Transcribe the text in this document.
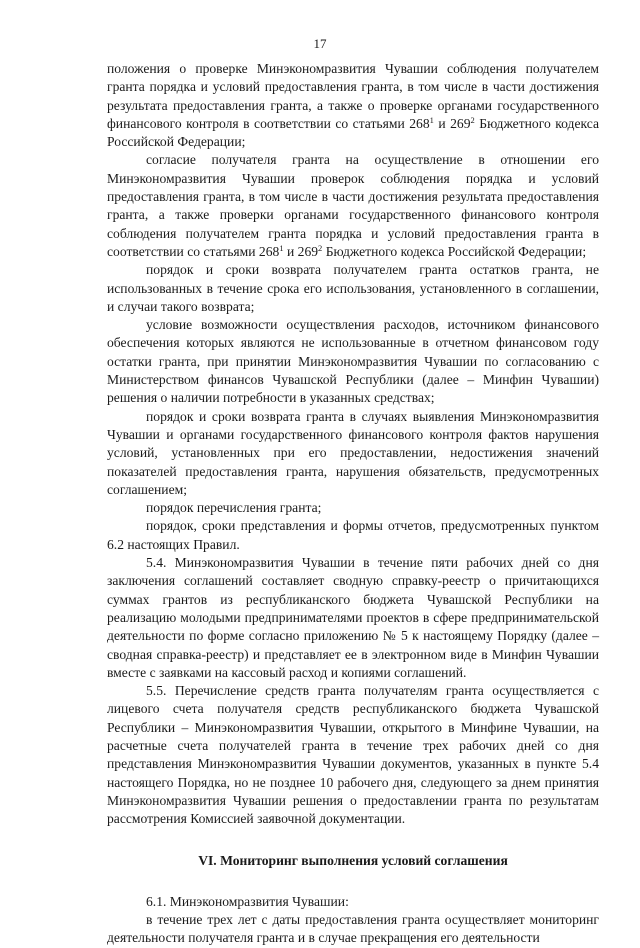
17

положения о проверке Минэкономразвития Чувашии соблюдения получателем гранта порядка и условий предоставления гранта, в том числе в части достижения результата предоставления гранта, а также о проверке органами государственного финансового контроля в соответствии со статьями $268^1$ и $269^2$ Бюджетного кодекса Российской Федерации;

согласие получателя гранта на осуществление в отношении его Минэкономразвития Чувашии проверок соблюдения порядка и условий предоставления гранта, в том числе в части достижения результата предоставления гранта, а также проверки органами государственного финансового контроля соблюдения получателем гранта порядка и условий предоставления гранта в соответствии со статьями $268^1$ и $269^2$ Бюджетного кодекса Российской Федерации;

порядок и сроки возврата получателем гранта остатков гранта, не использованных в течение срока его использования, установленного в соглашении, и случаи такого возврата;

условие возможности осуществления расходов, источником финансового обеспечения которых являются не использованные в отчетном финансовом году остатки гранта, при принятии Минэкономразвития Чувашии по согласованию с Министерством финансов Чувашской Республики (далее – Минфин Чувашии) решения о наличии потребности в указанных средствах;

порядок и сроки возврата гранта в случаях выявления Минэкономразвития Чувашии и органами государственного финансового контроля фактов нарушения условий, установленных при его предоставлении, недостижения значений показателей предоставления гранта, нарушения обязательств, предусмотренных соглашением;

порядок перечисления гранта;

порядок, сроки представления и формы отчетов, предусмотренных пунктом 6.2 настоящих Правил.

5.4. Минэкономразвития Чувашии в течение пяти рабочих дней со дня заключения соглашений составляет сводную справку-реестр о причитающихся суммах грантов из республиканского бюджета Чувашской Республики на реализацию молодыми предпринимателями проектов в сфере предпринимательской деятельности по форме согласно приложению № 5 к настоящему Порядку (далее – сводная справка-реестр) и представляет ее в электронном виде в Минфин Чувашии вместе с заявками на кассовый расход и копиями соглашений.

5.5. Перечисление средств гранта получателям гранта осуществляется с лицевого счета получателя средств республиканского бюджета Чувашской Республики – Минэкономразвития Чувашии, открытого в Минфине Чувашии, на расчетные счета получателей гранта в течение трех рабочих дней со дня представления Минэкономразвития Чувашии документов, указанных в пункте 5.4 настоящего Порядка, но не позднее 10 рабочего дня, следующего за днем принятия Минэкономразвития Чувашии решения о предоставлении гранта по результатам рассмотрения Комиссией заявочной документации.

VI. Мониторинг выполнения условий соглашения

6.1. Минэкономразвития Чувашии:

в течение трех лет с даты предоставления гранта осуществляет мониторинг деятельности получателя гранта и в случае прекращения его деятельности
